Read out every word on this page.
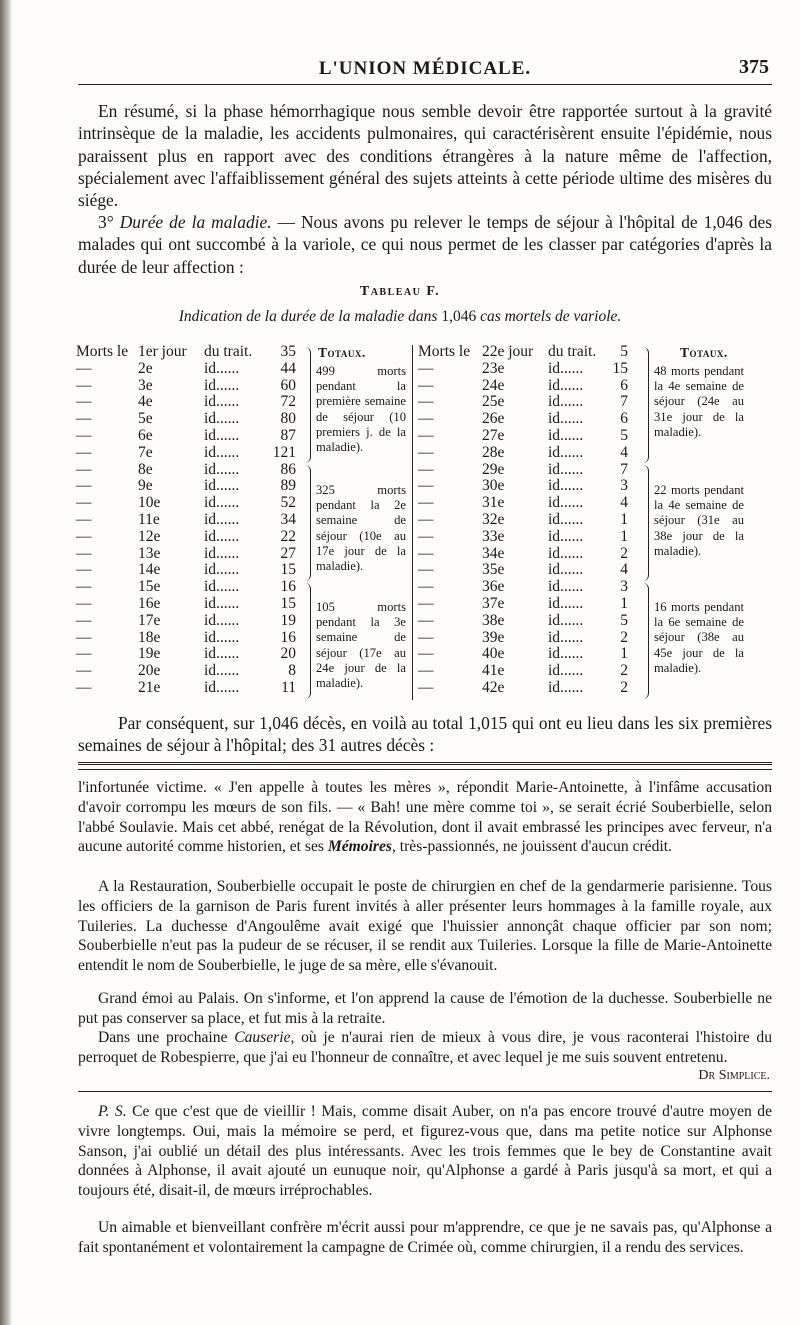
L'UNION MÉDICALE.	375

En résumé, si la phase hémorrhagique nous semble devoir être rapportée surtout à la gravité intrinsèque de la maladie, les accidents pulmonaires, qui caractérisèrent ensuite l'épidémie, nous paraissent plus en rapport avec des conditions étrangères à la nature même de l'affection, spécialement avec l'affaiblissement général des sujets atteints à cette période ultime des misères du siége.

3° Durée de la maladie. — Nous avons pu relever le temps de séjour à l'hôpital de 1,046 des malades qui ont succombé à la variole, ce qui nous permet de les classer par catégories d'après la durée de leur affection :

Tableau F.
Indication de la durée de la maladie dans 1,046 cas mortels de variole.
Morts le 1er jour du trait.	35
—	2e	id......	44
—	3e	id......	60
—	4e	id......	72
—	5e	id......	80
—	6e	id......	87
—	7e	id......	121
—	8e	id......	86
—	9e	id......	89
—	10e	id......	52
—	11e	id......	34
—	12e	id......	22
—	13e	id......	27
—	14e	id......	15
—	15e	id......	16
—	16e	id......	15
—	17e	id......	19
—	18e	id......	16
—	19e	id......	20
—	20e	id......	8
—	21e	id......	11
Morts le 22e jour du trait.	5
—	23e	id......	15
—	24e	id......	6
—	25e	id......	7
—	26e	id......	6
—	27e	id......	5
—	28e	id......	4
—	29e	id......	7
—	30e	id......	3
—	31e	id......	4
—	32e	id......	1
—	33e	id......	1
—	34e	id......	2
—	35e	id......	4
—	36e	id......	3
—	37e	id......	1
—	38e	id......	5
—	39e	id......	2
—	40e	id......	1
—	41e	id......	2
—	42e	id......	2
Totaux.	Totaux.
499 morts pendant la première semaine de séjour (10 premiers j. de la maladie).
325 morts pendant la 2e semaine de séjour (10e au 17e jour de la maladie).
105 morts pendant la 3e semaine de séjour (17e au 24e jour de la maladie).
48 morts pendant la 4e semaine de séjour (24e au 31e jour de la maladie).
22 morts pendant la 4e semaine de séjour (31e au 38e jour de la maladie).
16 morts pendant la 6e semaine de séjour (38e au 45e jour de la maladie).

Par conséquent, sur 1,046 décès, en voilà au total 1,015 qui ont eu lieu dans les six premières semaines de séjour à l'hôpital; des 31 autres décès :

l'infortunée victime. « J'en appelle à toutes les mères », répondit Marie-Antoinette, à l'infâme accusation d'avoir corrompu les mœurs de son fils. — « Bah! une mère comme toi », se serait écrié Souberbielle, selon l'abbé Soulavie. Mais cet abbé, renégat de la Révolution, dont il avait embrassé les principes avec ferveur, n'a aucune autorité comme historien, et ses Mémoires, très-passionnés, ne jouissent d'aucun crédit.

A la Restauration, Souberbielle occupait le poste de chirurgien en chef de la gendarmerie parisienne. Tous les officiers de la garnison de Paris furent invités à aller présenter leurs hommages à la famille royale, aux Tuileries. La duchesse d'Angoulême avait exigé que l'huissier annonçât chaque officier par son nom; Souberbielle n'eut pas la pudeur de se récuser, il se rendit aux Tuileries. Lorsque la fille de Marie-Antoinette entendit le nom de Souberbielle, le juge de sa mère, elle s'évanouit.

Grand émoi au Palais. On s'informe, et l'on apprend la cause de l'émotion de la duchesse. Souberbielle ne put pas conserver sa place, et fut mis à la retraite.

Dans une prochaine Causerie, où je n'aurai rien de mieux à vous dire, je vous raconterai l'histoire du perroquet de Robespierre, que j'ai eu l'honneur de connaître, et avec lequel je me suis souvent entretenu.

Dr Simplice.

P. S. Ce que c'est que de vieillir ! Mais, comme disait Auber, on n'a pas encore trouvé d'autre moyen de vivre longtemps. Oui, mais la mémoire se perd, et figurez-vous que, dans ma petite notice sur Alphonse Sanson, j'ai oublié un détail des plus intéressants. Avec les trois femmes que le bey de Constantine avait données à Alphonse, il avait ajouté un eunuque noir, qu'Alphonse a gardé à Paris jusqu'à sa mort, et qui a toujours été, disait-il, de mœurs irréprochables.

Un aimable et bienveillant confrère m'écrit aussi pour m'apprendre, ce que je ne savais pas, qu'Alphonse a fait spontanément et volontairement la campagne de Crimée où, comme chirurgien, il a rendu des services.
